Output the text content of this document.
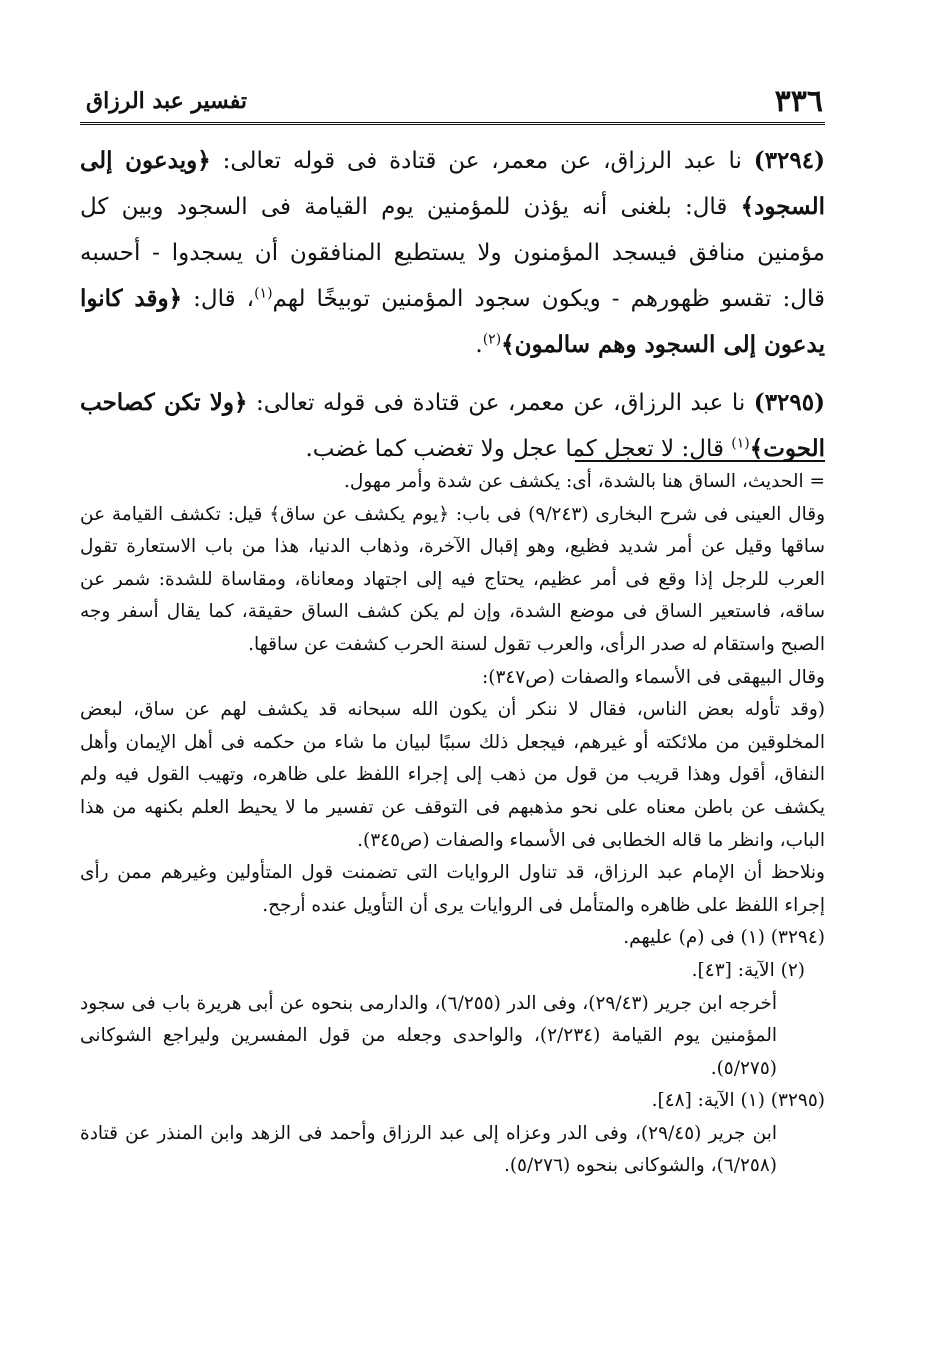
٣٣٦
تفسير عبد الرزاق

(٣٢٩٤) نا عبد الرزاق، عن معمر، عن قتادة فى قوله تعالى: ﴿ويدعون إلى السجود﴾ قال: بلغنى أنه يؤذن للمؤمنين يوم القيامة فى السجود وبين كل مؤمنين منافق فيسجد المؤمنون ولا يستطيع المنافقون أن يسجدوا - أحسبه قال: تقسو ظهورهم - ويكون سجود المؤمنين توبيخًا لهم$^{(١)}$، قال: ﴿وقد كانوا يدعون إلى السجود وهم سالمون﴾$^{(٢)}$.

(٣٢٩٥) نا عبد الرزاق، عن معمر، عن قتادة فى قوله تعالى: ﴿ولا تكن كصاحب الحوت﴾$^{(١)}$ قال: لا تعجل كما عجل ولا تغضب كما غضب.

= الحديث، الساق هنا بالشدة، أى: يكشف عن شدة وأمر مهول.

وقال العينى فى شرح البخارى (٩/٢٤٣) فى باب: ﴿يوم يكشف عن ساق﴾ قيل: تكشف القيامة عن ساقها وقيل عن أمر شديد فظيع، وهو إقبال الآخرة، وذهاب الدنيا، هذا من باب الاستعارة تقول العرب للرجل إذا وقع فى أمر عظيم، يحتاج فيه إلى اجتهاد ومعاناة، ومقاساة للشدة: شمر عن ساقه، فاستعير الساق فى موضع الشدة، وإن لم يكن كشف الساق حقيقة، كما يقال أسفر وجه الصبح واستقام له صدر الرأى، والعرب تقول لسنة الحرب كشفت عن ساقها.

وقال البيهقى فى الأسماء والصفات (ص٣٤٧):

(وقد تأوله بعض الناس، فقال لا ننكر أن يكون الله سبحانه قد يكشف لهم عن ساق، لبعض المخلوقين من ملائكته أو غيرهم، فيجعل ذلك سببًا لبيان ما شاء من حكمه فى أهل الإيمان وأهل النفاق، أقول وهذا قريب من قول من ذهب إلى إجراء اللفظ على ظاهره، وتهيب القول فيه ولم يكشف عن باطن معناه على نحو مذهبهم فى التوقف عن تفسير ما لا يحيط العلم بكنهه من هذا الباب، وانظر ما قاله الخطابى فى الأسماء والصفات (ص٣٤٥).

ونلاحظ أن الإمام عبد الرزاق، قد تناول الروايات التى تضمنت قول المتأولين وغيرهم ممن رأى إجراء اللفظ على ظاهره والمتأمل فى الروايات يرى أن التأويل عنده أرجح.

(٣٢٩٤) (١) فى (م) عليهم.

(٢) الآية: [٤٣].

أخرجه ابن جرير (٢٩/٤٣)، وفى الدر (٦/٢٥٥)، والدارمى بنحوه عن أبى هريرة باب فى سجود المؤمنين يوم القيامة (٢/٢٣٤)، والواحدى وجعله من قول المفسرين وليراجع الشوكانى (٥/٢٧٥).

(٣٢٩٥) (١) الآية: [٤٨].

ابن جرير (٢٩/٤٥)، وفى الدر وعزاه إلى عبد الرزاق وأحمد فى الزهد وابن المنذر عن قتادة (٦/٢٥٨)، والشوكانى بنحوه (٥/٢٧٦).
